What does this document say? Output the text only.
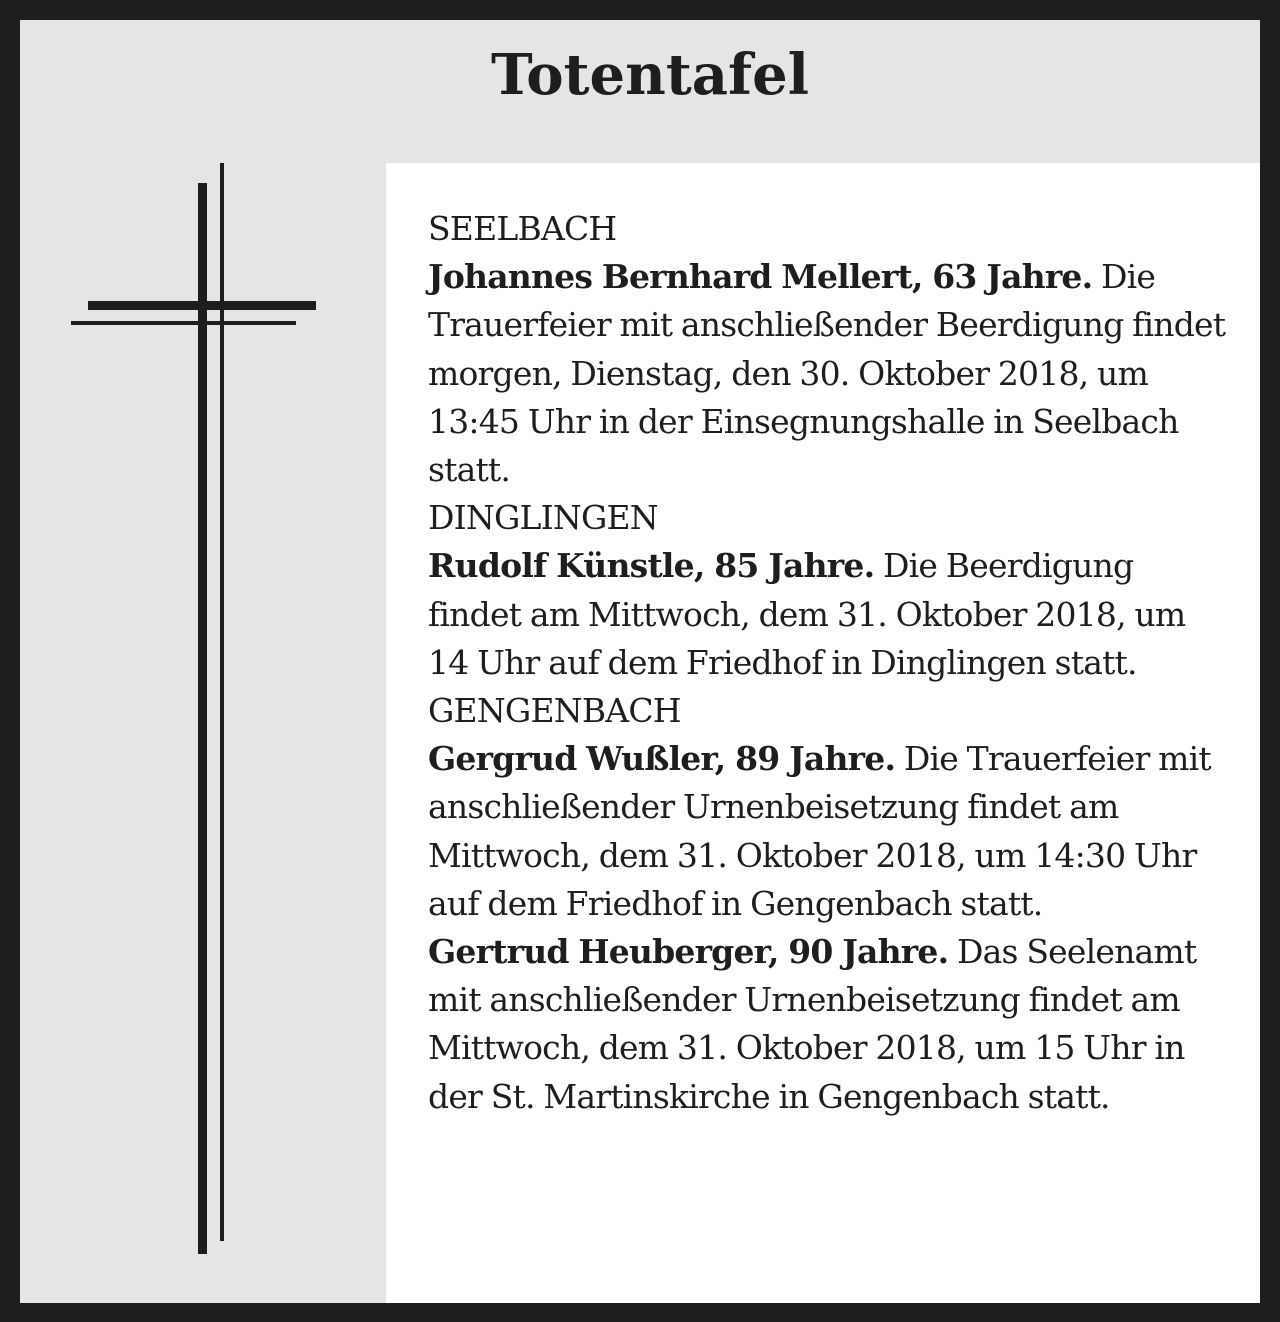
Totentafel
SEELBACH
Johannes Bernhard Mellert, 63 Jahre. Die Trauerfeier mit anschließender Beerdigung findet morgen, Dienstag, den 30. Oktober 2018, um 13:45 Uhr in der Einsegnungshalle in Seelbach statt.
DINGLINGEN
Rudolf Künstle, 85 Jahre. Die Beerdigung findet am Mittwoch, dem 31. Oktober 2018, um 14 Uhr auf dem Friedhof in Dinglingen statt.
GENGENBACH
Gergrud Wußler, 89 Jahre. Die Trauerfeier mit anschließender Urnenbeisetzung findet am Mittwoch, dem 31. Oktober 2018, um 14:30 Uhr auf dem Friedhof in Gengenbach statt.
Gertrud Heuberger, 90 Jahre. Das Seelenamt mit anschließender Urnenbeisetzung findet am Mittwoch, dem 31. Oktober 2018, um 15 Uhr in der St. Martinskirche in Gengenbach statt.
